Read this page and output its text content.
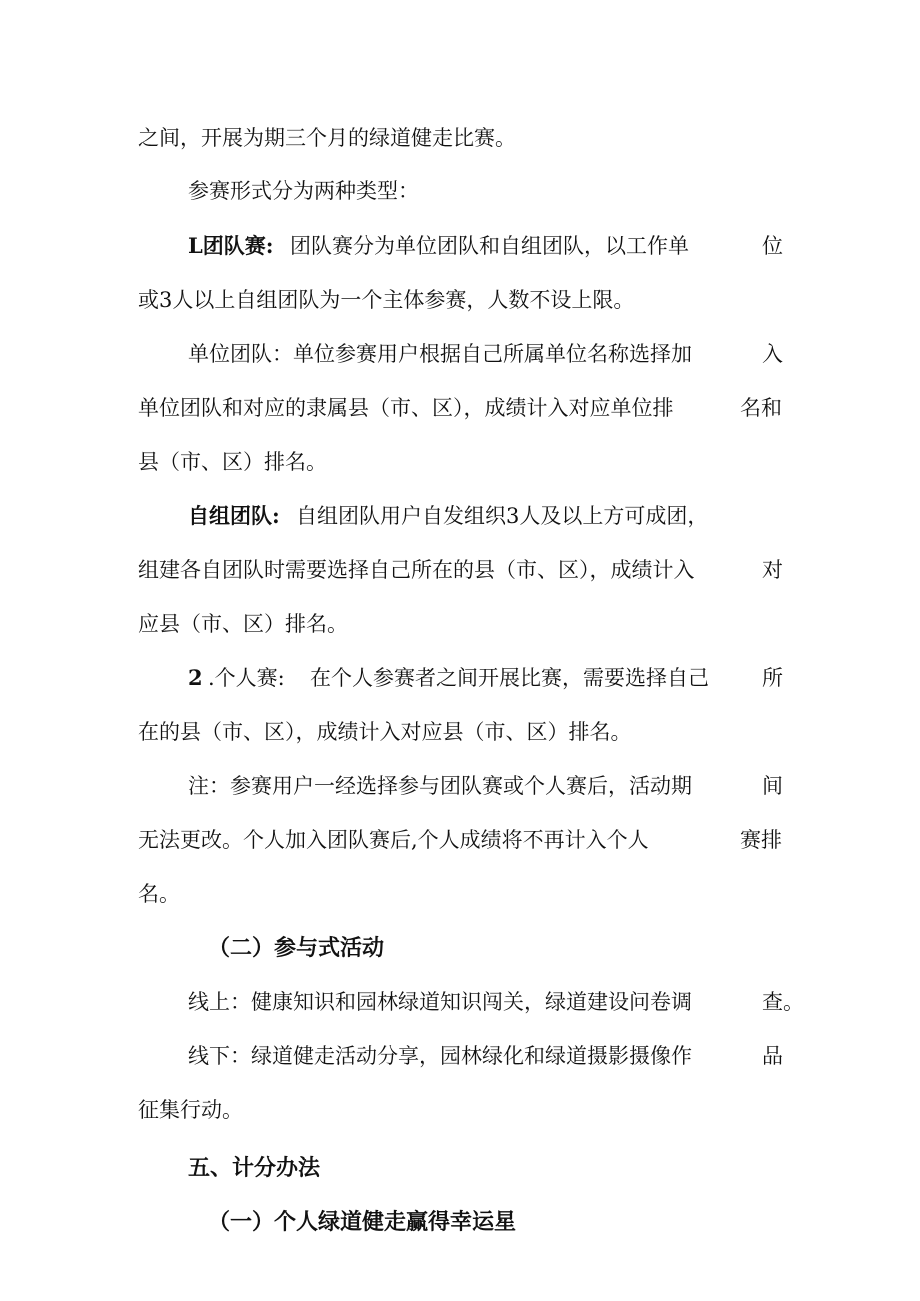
之间，开展为期三个月的绿道健走比赛。
参赛形式分为两种类型：
L团队赛: 团队赛分为单位团队和自组团队，以工作单	位
或3人以上自组团队为一个主体参赛，人数不设上限。
单位团队：单位参赛用户根据自己所属单位名称选择加	入
单位团队和对应的隶属县（市、区），成绩计入对应单位排	名和
县（市、区）排名。
自组团队: 自组团队用户自发组织3人及以上方可成团，
组建各自团队时需要选择自己所在的县（市、区），成绩计入	对
应县（市、区）排名。
2 .个人赛: 在个人参赛者之间开展比赛，需要选择自己	所
在的县（市、区），成绩计入对应县（市、区）排名。
注：参赛用户一经选择参与团队赛或个人赛后，活动期	间
无法更改。个人加入团队赛后,个人成绩将不再计入个人	赛排
名。
（二）参与式活动
线上：健康知识和园林绿道知识闯关，绿道建设问卷调	查。
线下：绿道健走活动分享，园林绿化和绿道摄影摄像作	品
征集行动。
五、计分办法
（一）个人绿道健走赢得幸运星
